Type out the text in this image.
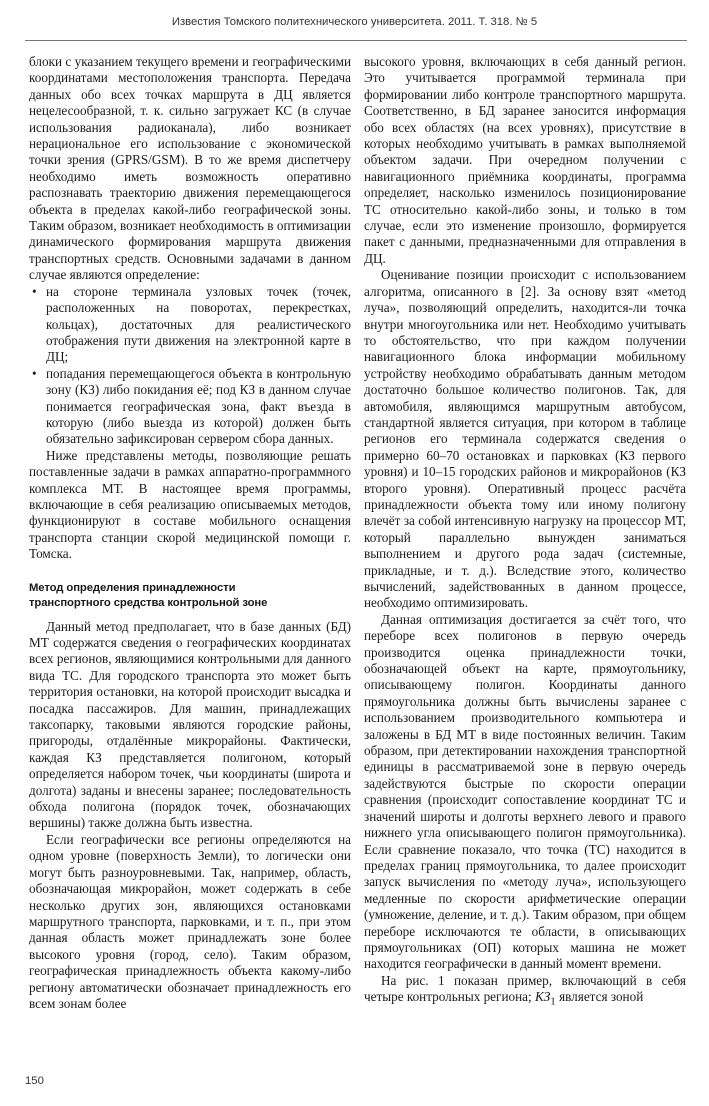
Известия Томского политехнического университета. 2011. Т. 318. № 5

блоки с указанием текущего времени и географическими координатами местоположения транспорта. Передача данных обо всех точках маршрута в ДЦ является нецелесообразной, т. к. сильно загружает КС (в случае использования радиоканала), либо возникает нерациональное его использование с экономической точки зрения (GPRS/GSM). В то же время диспетчеру необходимо иметь возможность оперативно распознавать траекторию движения перемещающегося объекта в пределах какой-либо географической зоны. Таким образом, возникает необходимость в оптимизации динамического формирования маршрута движения транспортных средств. Основными задачами в данном случае являются определение:

• на стороне терминала узловых точек (точек, расположенных на поворотах, перекрестках, кольцах), достаточных для реалистического отображения пути движения на электронной карте в ДЦ;
• попадания перемещающегося объекта в контрольную зону (КЗ) либо покидания её; под КЗ в данном случае понимается географическая зона, факт въезда в которую (либо выезда из которой) должен быть обязательно зафиксирован сервером сбора данных.

Ниже представлены методы, позволяющие решать поставленные задачи в рамках аппаратно-программного комплекса МТ. В настоящее время программы, включающие в себя реализацию описываемых методов, функционируют в составе мобильного оснащения транспорта станции скорой медицинской помощи г. Томска.

Метод определения принадлежности
транспортного средства контрольной зоне

Данный метод предполагает, что в базе данных (БД) МТ содержатся сведения о географических координатах всех регионов, являющимися контрольными для данного вида ТС. Для городского транспорта это может быть территория остановки, на которой происходит высадка и посадка пассажиров. Для машин, принадлежащих таксопарку, таковыми являются городские районы, пригороды, отдалённые микрорайоны. Фактически, каждая КЗ представляется полигоном, который определяется набором точек, чьи координаты (широта и долгота) заданы и внесены заранее; последовательность обхода полигона (порядок точек, обозначающих вершины) также должна быть известна.

Если географически все регионы определяются на одном уровне (поверхность Земли), то логически они могут быть разноуровневыми. Так, например, область, обозначающая микрорайон, может содержать в себе несколько других зон, являющихся остановками маршрутного транспорта, парковками, и т. п., при этом данная область может принадлежать зоне более высокого уровня (город, село). Таким образом, географическая принадлежность объекта какому-либо региону автоматически обозначает принадлежность его всем зонам более

высокого уровня, включающих в себя данный регион. Это учитывается программой терминала при формировании либо контроле транспортного маршрута. Соответственно, в БД заранее заносится информация обо всех областях (на всех уровнях), присутствие в которых необходимо учитывать в рамках выполняемой объектом задачи. При очередном получении с навигационного приёмника координаты, программа определяет, насколько изменилось позиционирование ТС относительно какой-либо зоны, и только в том случае, если это изменение произошло, формируется пакет с данными, предназначенными для отправления в ДЦ.

Оценивание позиции происходит с использованием алгоритма, описанного в [2]. За основу взят «метод луча», позволяющий определить, находится-ли точка внутри многоугольника или нет. Необходимо учитывать то обстоятельство, что при каждом получении навигационного блока информации мобильному устройству необходимо обрабатывать данным методом достаточно большое количество полигонов. Так, для автомобиля, являющимся маршрутным автобусом, стандартной является ситуация, при котором в таблице регионов его терминала содержатся сведения о примерно 60–70 остановках и парковках (КЗ первого уровня) и 10–15 городских районов и микрорайонов (КЗ второго уровня). Оперативный процесс расчёта принадлежности объекта тому или иному полигону влечёт за собой интенсивную нагрузку на процессор МТ, который параллельно вынужден заниматься выполнением и другого рода задач (системные, прикладные, и т. д.). Вследствие этого, количество вычислений, задействованных в данном процессе, необходимо оптимизировать.

Данная оптимизация достигается за счёт того, что переборе всех полигонов в первую очередь производится оценка принадлежности точки, обозначающей объект на карте, прямоугольнику, описывающему полигон. Координаты данного прямоугольника должны быть вычислены заранее с использованием производительного компьютера и заложены в БД МТ в виде постоянных величин. Таким образом, при детектировании нахождения транспортной единицы в рассматриваемой зоне в первую очередь задействуются быстрые по скорости операции сравнения (происходит сопоставление координат ТС и значений широты и долготы верхнего левого и правого нижнего угла описывающего полигон прямоугольника). Если сравнение показало, что точка (ТС) находится в пределах границ прямоугольника, то далее происходит запуск вычисления по «методу луча», использующего медленные по скорости арифметические операции (умножение, деление, и т. д.). Таким образом, при общем переборе исключаются те области, в описывающих прямоугольниках (ОП) которых машина не может находится географически в данный момент времени.

На рис. 1 показан пример, включающий в себя четыре контрольных региона; $КЗ_1$ является зоной

150
